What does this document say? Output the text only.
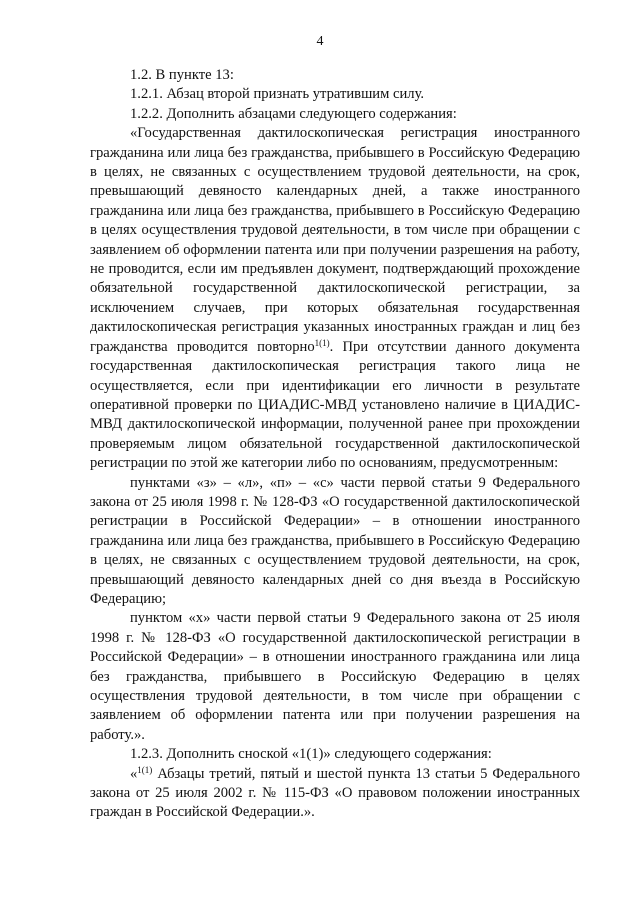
4

1.2. В пункте 13:

1.2.1. Абзац второй признать утратившим силу.

1.2.2. Дополнить абзацами следующего содержания:

«Государственная дактилоскопическая регистрация иностранного гражданина или лица без гражданства, прибывшего в Российскую Федерацию в целях, не связанных с осуществлением трудовой деятельности, на срок, превышающий девяносто календарных дней, а также иностранного гражданина или лица без гражданства, прибывшего в Российскую Федерацию в целях осуществления трудовой деятельности, в том числе при обращении с заявлением об оформлении патента или при получении разрешения на работу, не проводится, если им предъявлен документ, подтверждающий прохождение обязательной государственной дактилоскопической регистрации, за исключением случаев, при которых обязательная государственная дактилоскопическая регистрация указанных иностранных граждан и лиц без гражданства проводится повторно$^{1(1)}$. При отсутствии данного документа государственная дактилоскопическая регистрация такого лица не осуществляется, если при идентификации его личности в результате оперативной проверки по ЦИАДИС-МВД установлено наличие в ЦИАДИС-МВД дактилоскопической информации, полученной ранее при прохождении проверяемым лицом обязательной государственной дактилоскопической регистрации по этой же категории либо по основаниям, предусмотренным:

пунктами «з» – «л», «п» – «с» части первой статьи 9 Федерального закона от 25 июля 1998 г. № 128-ФЗ «О государственной дактилоскопической регистрации в Российской Федерации» – в отношении иностранного гражданина или лица без гражданства, прибывшего в Российскую Федерацию в целях, не связанных с осуществлением трудовой деятельности, на срок, превышающий девяносто календарных дней со дня въезда в Российскую Федерацию;

пунктом «х» части первой статьи 9 Федерального закона от 25 июля 1998 г. № 128-ФЗ «О государственной дактилоскопической регистрации в Российской Федерации» – в отношении иностранного гражданина или лица без гражданства, прибывшего в Российскую Федерацию в целях осуществления трудовой деятельности, в том числе при обращении с заявлением об оформлении патента или при получении разрешения на работу.».

1.2.3. Дополнить сноской «1(1)» следующего содержания:

«$^{1(1)}$ Абзацы третий, пятый и шестой пункта 13 статьи 5 Федерального закона от 25 июля 2002 г. № 115-ФЗ «О правовом положении иностранных граждан в Российской Федерации.».
